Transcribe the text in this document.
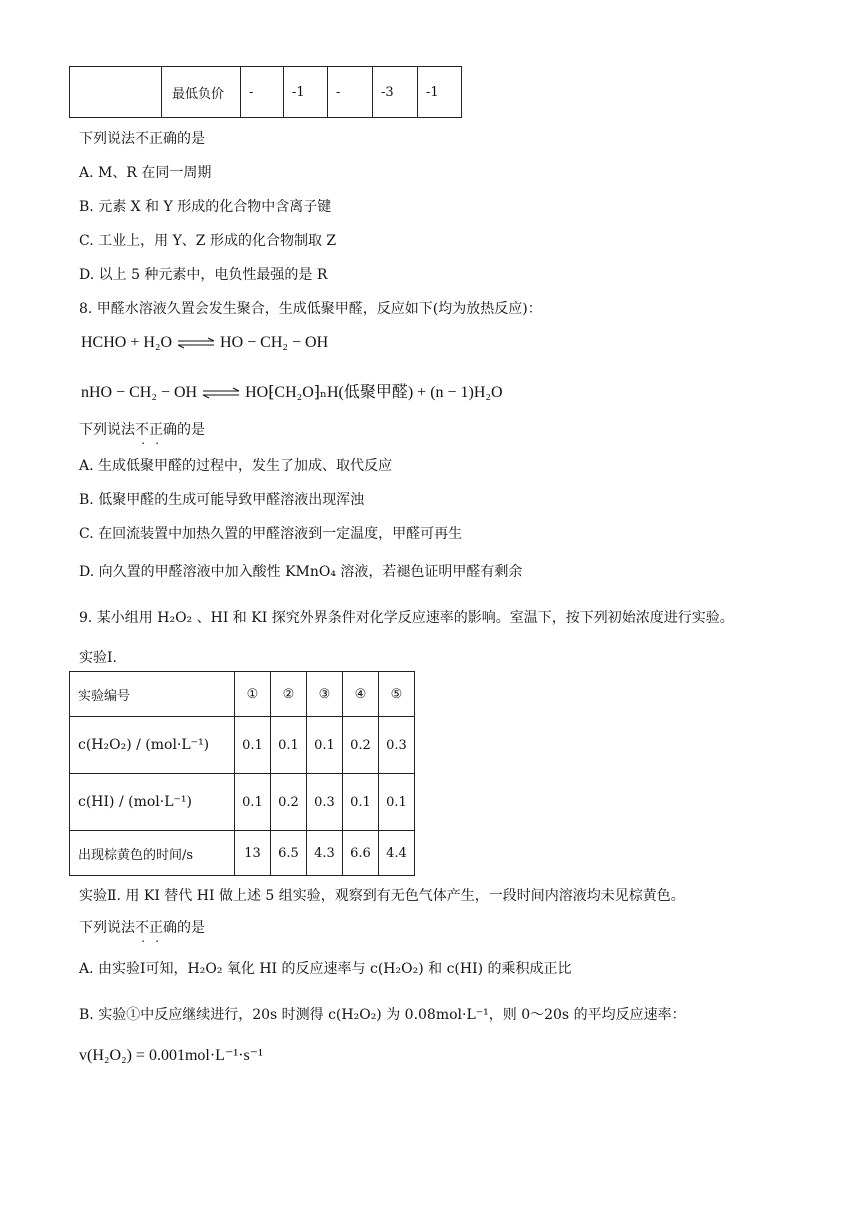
	最低负价	-	-1	-	-3	-1
下列说法不正确的是
A. M、R 在同一周期
B. 元素 X 和 Y 形成的化合物中含离子键
C. 工业上，用 Y、Z 形成的化合物制取 Z
D. 以上 5 种元素中，电负性最强的是 R
8. 甲醛水溶液久置会发生聚合，生成低聚甲醛，反应如下(均为放热反应)：
HCHO + H₂O ⇌ HO − CH₂ − OH
nHO − CH₂ − OH ⇌ HO⁅CH₂O⁆ₙH(低聚甲醛) + (n − 1)H₂O
下列说法不正确的是
A. 生成低聚甲醛的过程中，发生了加成、取代反应
B. 低聚甲醛的生成可能导致甲醛溶液出现浑浊
C. 在回流装置中加热久置的甲醛溶液到一定温度，甲醛可再生
D. 向久置的甲醛溶液中加入酸性 KMnO₄ 溶液，若褪色证明甲醛有剩余
9. 某小组用 H₂O₂ 、HI 和 KI 探究外界条件对化学反应速率的影响。室温下，按下列初始浓度进行实验。
实验Ⅰ.
实验编号	①	②	③	④	⑤
c(H₂O₂) / (mol·L⁻¹)	0.1	0.1	0.1	0.2	0.3
c(HI) / (mol·L⁻¹)	0.1	0.2	0.3	0.1	0.1
出现棕黄色的时间/s	13	6.5	4.3	6.6	4.4
实验Ⅱ. 用 KI 替代 HI 做上述 5 组实验，观察到有无色气体产生，一段时间内溶液均未见棕黄色。
下列说法不正确的是
A. 由实验Ⅰ可知，H₂O₂ 氧化 HI 的反应速率与 c(H₂O₂) 和 c(HI) 的乘积成正比
B. 实验①中反应继续进行，20s 时测得 c(H₂O₂) 为 0.08mol·L⁻¹，则 0～20s 的平均反应速率：
v(H₂O₂) = 0.001mol·L⁻¹·s⁻¹
